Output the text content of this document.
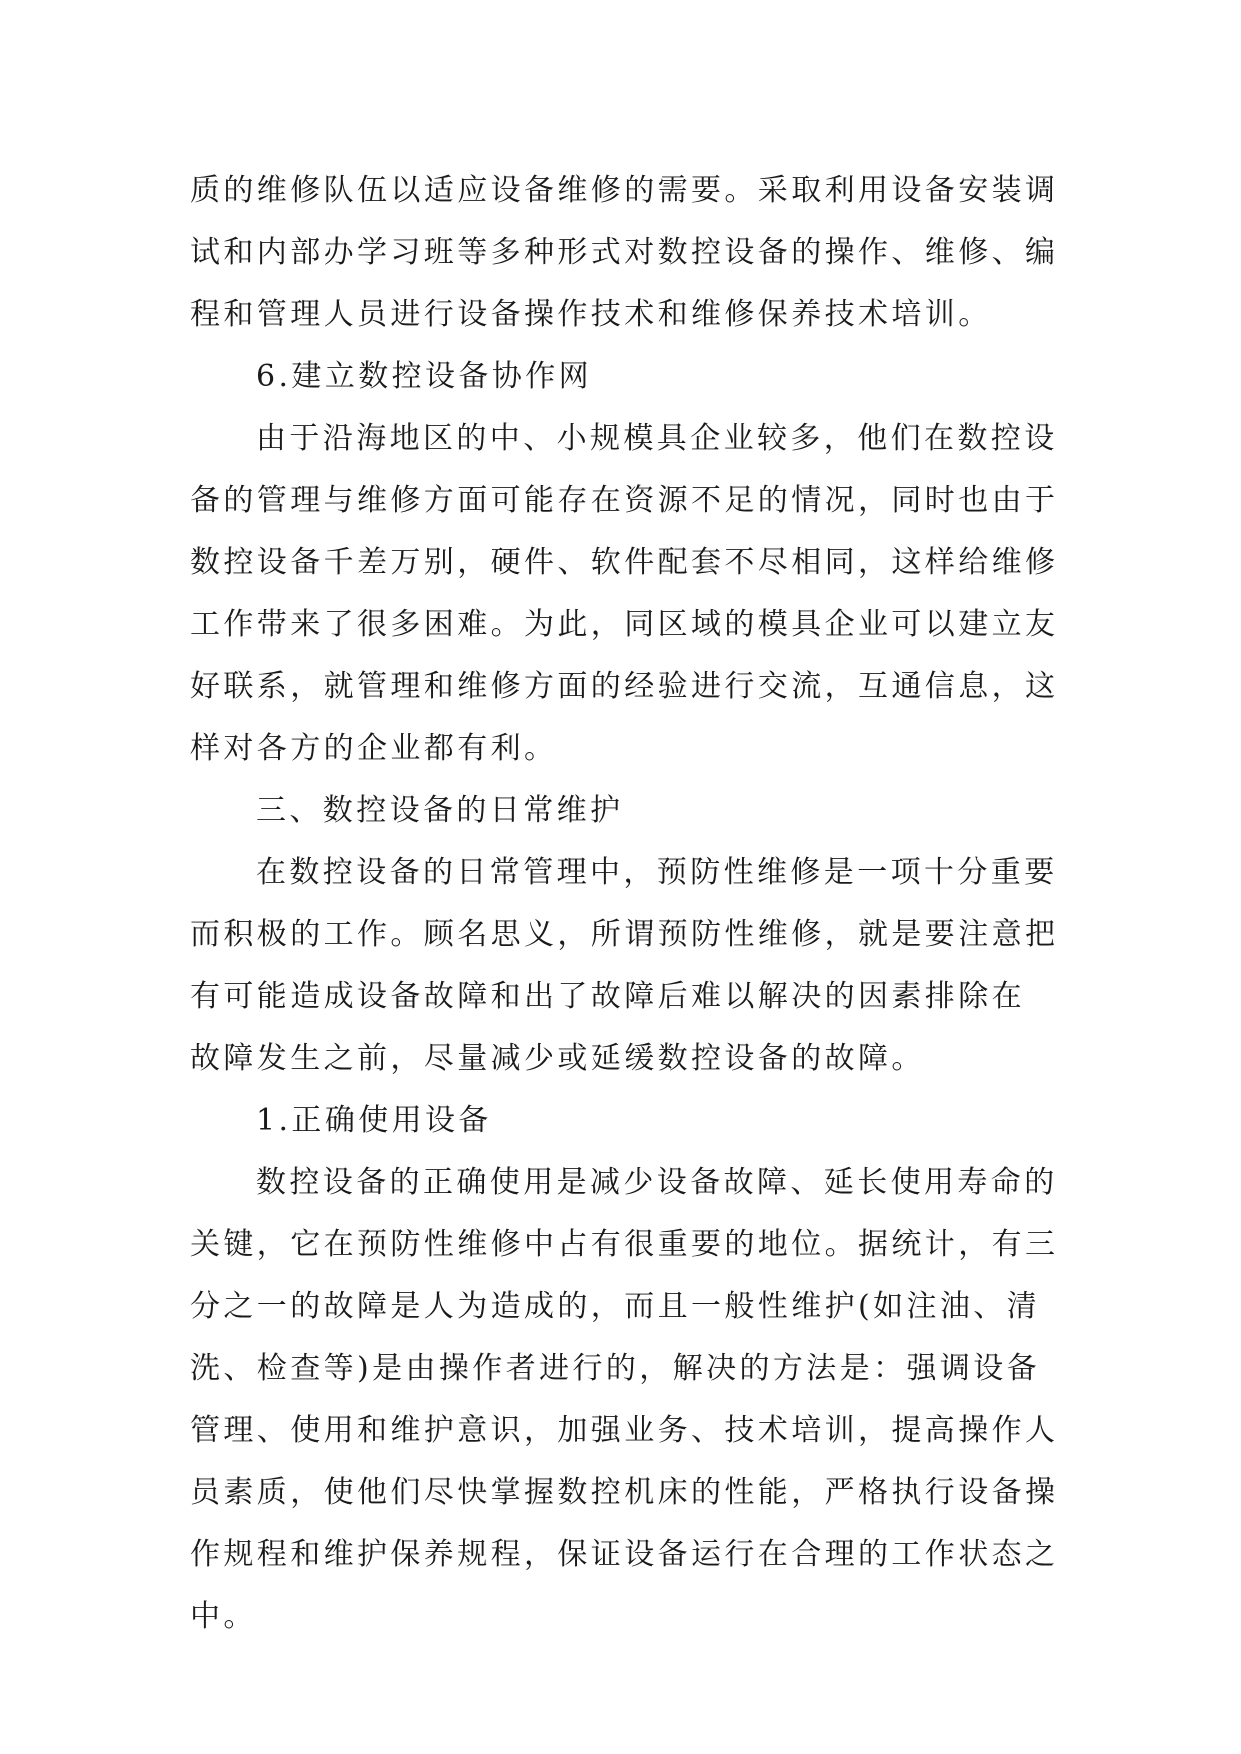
质的维修队伍以适应设备维修的需要。采取利用设备安装调
试和内部办学习班等多种形式对数控设备的操作、维修、编
程和管理人员进行设备操作技术和维修保养技术培训。
6.建立数控设备协作网
由于沿海地区的中、小规模具企业较多，他们在数控设
备的管理与维修方面可能存在资源不足的情况，同时也由于
数控设备千差万别，硬件、软件配套不尽相同，这样给维修
工作带来了很多困难。为此，同区域的模具企业可以建立友
好联系，就管理和维修方面的经验进行交流，互通信息，这
样对各方的企业都有利。
三、数控设备的日常维护
在数控设备的日常管理中，预防性维修是一项十分重要
而积极的工作。顾名思义，所谓预防性维修，就是要注意把
有可能造成设备故障和出了故障后难以解决的因素排除在
故障发生之前，尽量减少或延缓数控设备的故障。
1.正确使用设备
数控设备的正确使用是减少设备故障、延长使用寿命的
关键，它在预防性维修中占有很重要的地位。据统计，有三
分之一的故障是人为造成的，而且一般性维护(如注油、清
洗、检查等)是由操作者进行的，解决的方法是：强调设备
管理、使用和维护意识，加强业务、技术培训，提高操作人
员素质，使他们尽快掌握数控机床的性能，严格执行设备操
作规程和维护保养规程，保证设备运行在合理的工作状态之
中。
